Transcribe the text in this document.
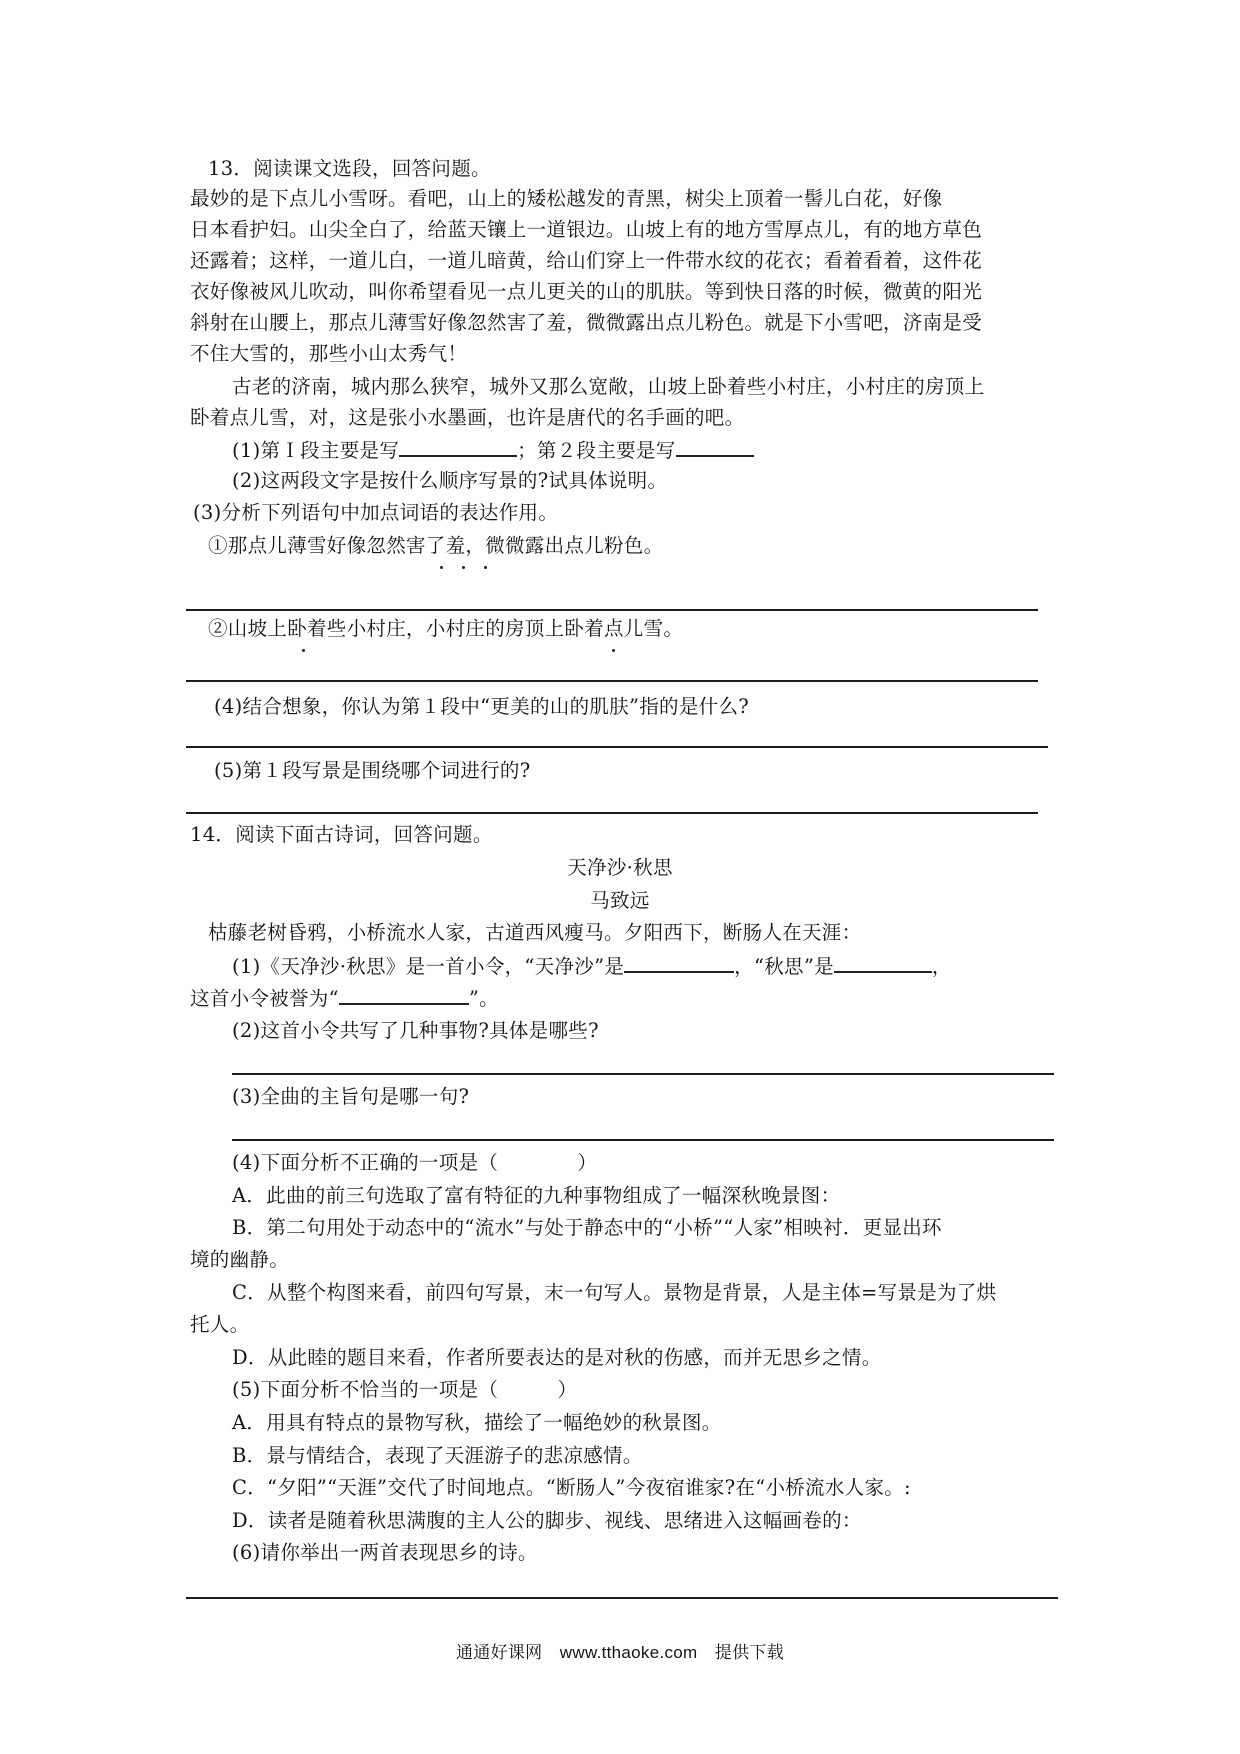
13．阅读课文选段，回答问题。
最妙的是下点儿小雪呀。看吧，山上的矮松越发的青黑，树尖上顶着一髻儿白花，好像
日本看护妇。山尖全白了，给蓝天镶上一道银边。山坡上有的地方雪厚点儿，有的地方草色
还露着；这样，一道儿白，一道儿暗黄，给山们穿上一件带水纹的花衣；看着看着，这件花
衣好像被风儿吹动，叫你希望看见一点儿更关的山的肌肤。等到快日落的时候，微黄的阳光
斜射在山腰上，那点儿薄雪好像忽然害了羞，微微露出点儿粉色。就是下小雪吧，济南是受
不住大雪的，那些小山太秀气！
古老的济南，城内那么狭窄，城外又那么宽敞，山坡上卧着些小村庄，小村庄的房顶上
卧着点儿雪，对，这是张小水墨画，也许是唐代的名手画的吧。
(1)第Ｉ段主要是写	；第２段主要是写
(2)这两段文字是按什么顺序写景的?试具体说明。
(3)分析下列语句中加点词语的表达作用。
①那点儿薄雪好像忽然害了羞，微微露出点儿粉色。
②山坡上卧着些小村庄，小村庄的房顶上卧着点儿雪。
(4)结合想象，你认为第１段中“更美的山的肌肤”指的是什么?
(5)第１段写景是围绕哪个词进行的?
14．阅读下面古诗词，回答问题。
天净沙·秋思
马致远
枯藤老树昏鸦，小桥流水人家，古道西风瘦马。夕阳西下，断肠人在天涯：
(1)《天净沙·秋思》是一首小令，“天净沙”是	，“秋思”是	，
这首小令被誉为“	”。
(2)这首小令共写了几种事物?具体是哪些?
(3)全曲的主旨句是哪一句?
(4)下面分析不正确的一项是（　　　　）
A．此曲的前三句选取了富有特征的九种事物组成了一幅深秋晚景图：
B．第二句用处于动态中的“流水”与处于静态中的“小桥”“人家”相映衬．更显出环
境的幽静。
C．从整个构图来看，前四句写景，末一句写人。景物是背景，人是主体=写景是为了烘
托人。
D．从此睦的题目来看，作者所要表达的是对秋的伤感，而并无思乡之情。
(5)下面分析不恰当的一项是（　　　）
A．用具有特点的景物写秋，描绘了一幅绝妙的秋景图。
B．景与情结合，表现了天涯游子的悲凉感情。
C．“夕阳”“天涯”交代了时间地点。“断肠人”今夜宿谁家?在“小桥流水人家。:
D．读者是随着秋思满腹的主人公的脚步、视线、思绪进入这幅画卷的：
(6)请你举出一两首表现思乡的诗。
通通好课网　www.tthaoke.com　提供下载
